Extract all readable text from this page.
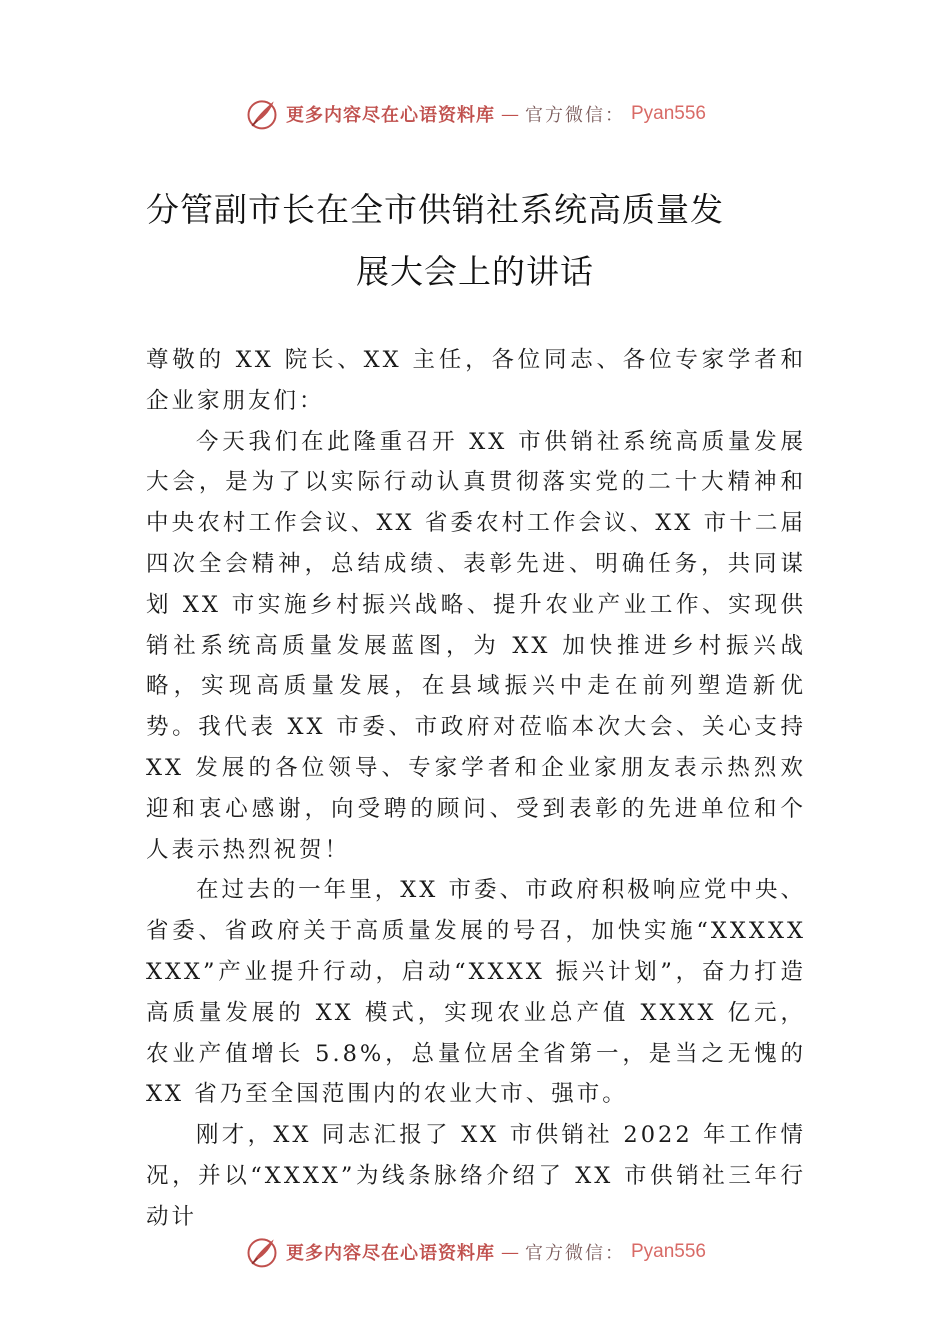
更多内容尽在心语资料库 — 官方微信： Pyan556
分管副市长在全市供销社系统高质量发
展大会上的讲话

尊敬的 XX 院长、XX 主任，各位同志、各位专家学者和企业家朋友们：

今天我们在此隆重召开 XX 市供销社系统高质量发展大会，是为了以实际行动认真贯彻落实党的二十大精神和中央农村工作会议、XX 省委农村工作会议、XX 市十二届四次全会精神，总结成绩、表彰先进、明确任务，共同谋划 XX 市实施乡村振兴战略、提升农业产业工作、实现供销社系统高质量发展蓝图，为 XX 加快推进乡村振兴战略，实现高质量发展，在县域振兴中走在前列塑造新优势。我代表 XX 市委、市政府对莅临本次大会、关心支持 XX 发展的各位领导、专家学者和企业家朋友表示热烈欢迎和衷心感谢，向受聘的顾问、受到表彰的先进单位和个人表示热烈祝贺！

在过去的一年里，XX 市委、市政府积极响应党中央、省委、省政府关于高质量发展的号召，加快实施“XXXXXXXX”产业提升行动，启动“XXXX 振兴计划”，奋力打造高质量发展的 XX 模式，实现农业总产值 XXXX 亿元，农业产值增长 5.8%，总量位居全省第一，是当之无愧的 XX 省乃至全国范围内的农业大市、强市。

刚才，XX 同志汇报了 XX 市供销社 2022 年工作情况，并以“XXXX”为线条脉络介绍了 XX 市供销社三年行动计

更多内容尽在心语资料库 — 官方微信： Pyan556
